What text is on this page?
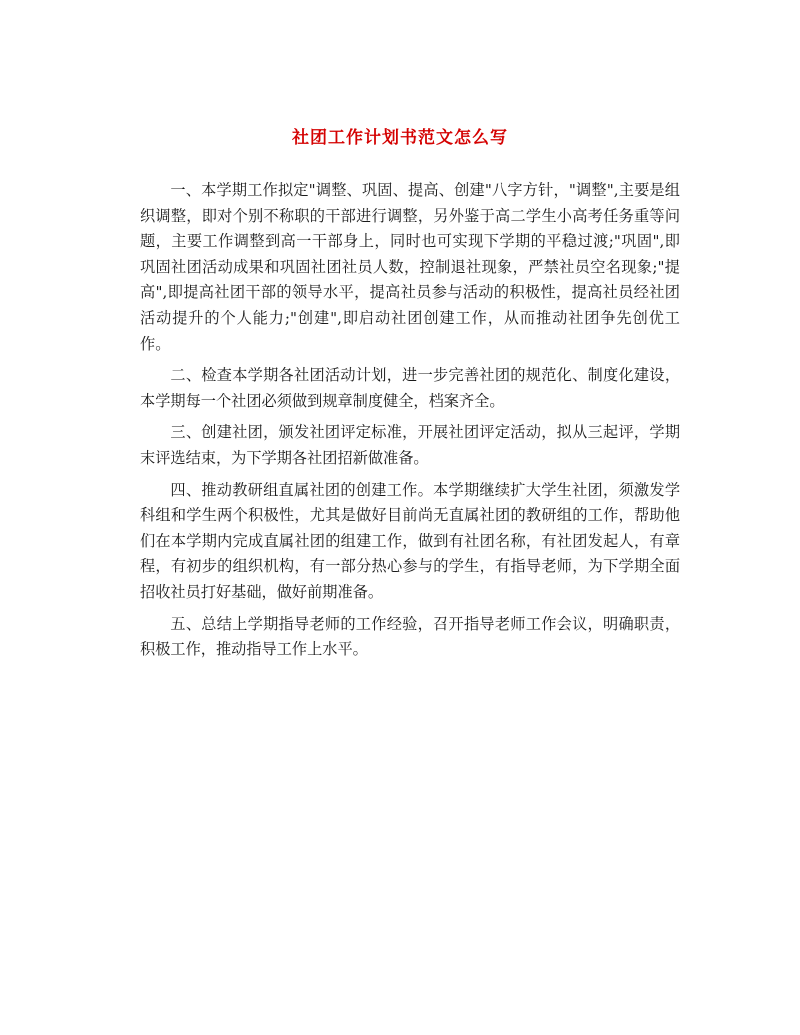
社团工作计划书范文怎么写

一、本学期工作拟定"调整、巩固、提高、创建"八字方针，"调整",主要是组织调整，即对个别不称职的干部进行调整，另外鉴于高二学生小高考任务重等问题，主要工作调整到高一干部身上，同时也可实现下学期的平稳过渡;"巩固",即巩固社团活动成果和巩固社团社员人数，控制退社现象，严禁社员空名现象;"提高",即提高社团干部的领导水平，提高社员参与活动的积极性，提高社员经社团活动提升的个人能力;"创建",即启动社团创建工作，从而推动社团争先创优工作。

二、检查本学期各社团活动计划，进一步完善社团的规范化、制度化建设，本学期每一个社团必须做到规章制度健全，档案齐全。

三、创建社团，颁发社团评定标准，开展社团评定活动，拟从三起评，学期末评选结束，为下学期各社团招新做准备。

四、推动教研组直属社团的创建工作。本学期继续扩大学生社团，须激发学科组和学生两个积极性，尤其是做好目前尚无直属社团的教研组的工作，帮助他们在本学期内完成直属社团的组建工作，做到有社团名称，有社团发起人，有章程，有初步的组织机构，有一部分热心参与的学生，有指导老师，为下学期全面招收社员打好基础，做好前期准备。

五、总结上学期指导老师的工作经验，召开指导老师工作会议，明确职责，积极工作，推动指导工作上水平。
